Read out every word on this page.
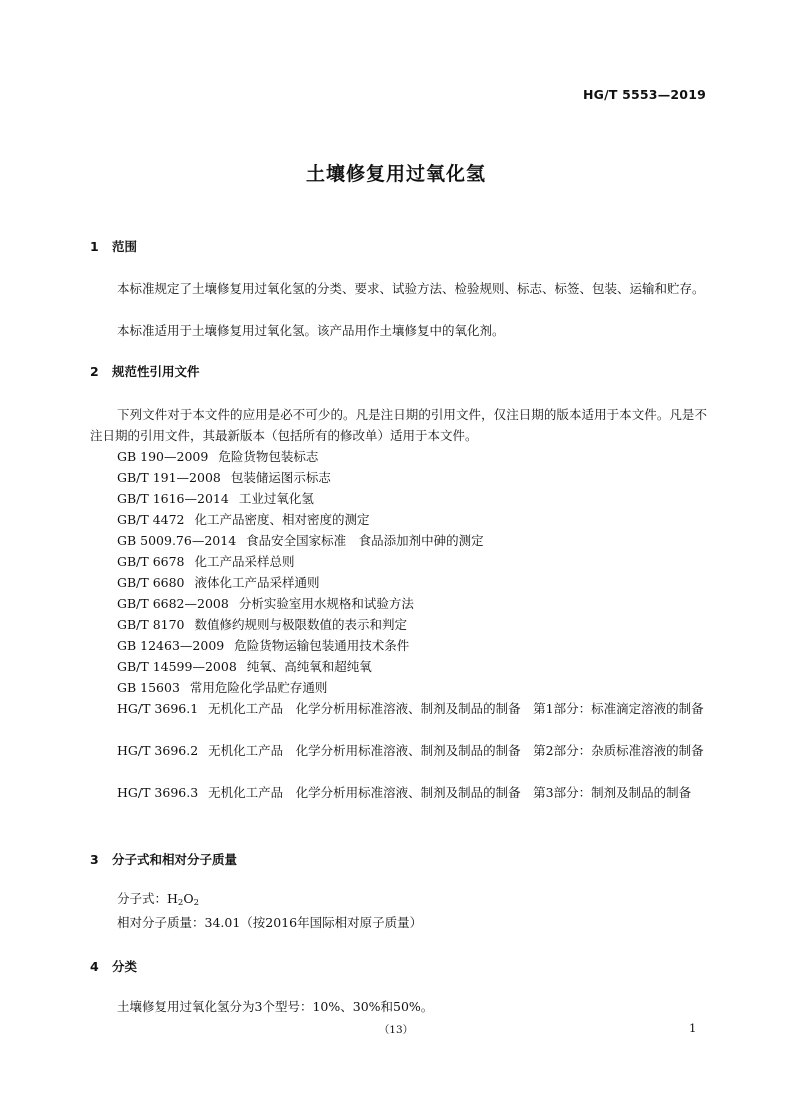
HG/T 5553—2019
土壤修复用过氧化氢
1 范围
本标准规定了土壤修复用过氧化氢的分类、要求、试验方法、检验规则、标志、标签、包装、运输和贮存。
本标准适用于土壤修复用过氧化氢。该产品用作土壤修复中的氧化剂。
2 规范性引用文件
下列文件对于本文件的应用是必不可少的。凡是注日期的引用文件，仅注日期的版本适用于本文件。凡是不注日期的引用文件，其最新版本（包括所有的修改单）适用于本文件。
GB 190—2009 危险货物包装标志
GB/T 191—2008 包装储运图示标志
GB/T 1616—2014 工业过氧化氢
GB/T 4472 化工产品密度、相对密度的测定
GB 5009.76—2014 食品安全国家标准　食品添加剂中砷的测定
GB/T 6678 化工产品采样总则
GB/T 6680 液体化工产品采样通则
GB/T 6682—2008 分析实验室用水规格和试验方法
GB/T 8170 数值修约规则与极限数值的表示和判定
GB 12463—2009 危险货物运输包装通用技术条件
GB/T 14599—2008 纯氧、高纯氧和超纯氧
GB 15603 常用危险化学品贮存通则
HG/T 3696.1 无机化工产品　化学分析用标准溶液、制剂及制品的制备　第1部分：标准滴定溶液的制备
HG/T 3696.2 无机化工产品　化学分析用标准溶液、制剂及制品的制备　第2部分：杂质标准溶液的制备
HG/T 3696.3 无机化工产品　化学分析用标准溶液、制剂及制品的制备　第3部分：制剂及制品的制备
3 分子式和相对分子质量
分子式：$H_2O_2$
相对分子质量：34.01（按2016年国际相对原子质量）
4 分类
土壤修复用过氧化氢分为3个型号：10%、30%和50%。
（13）	1
